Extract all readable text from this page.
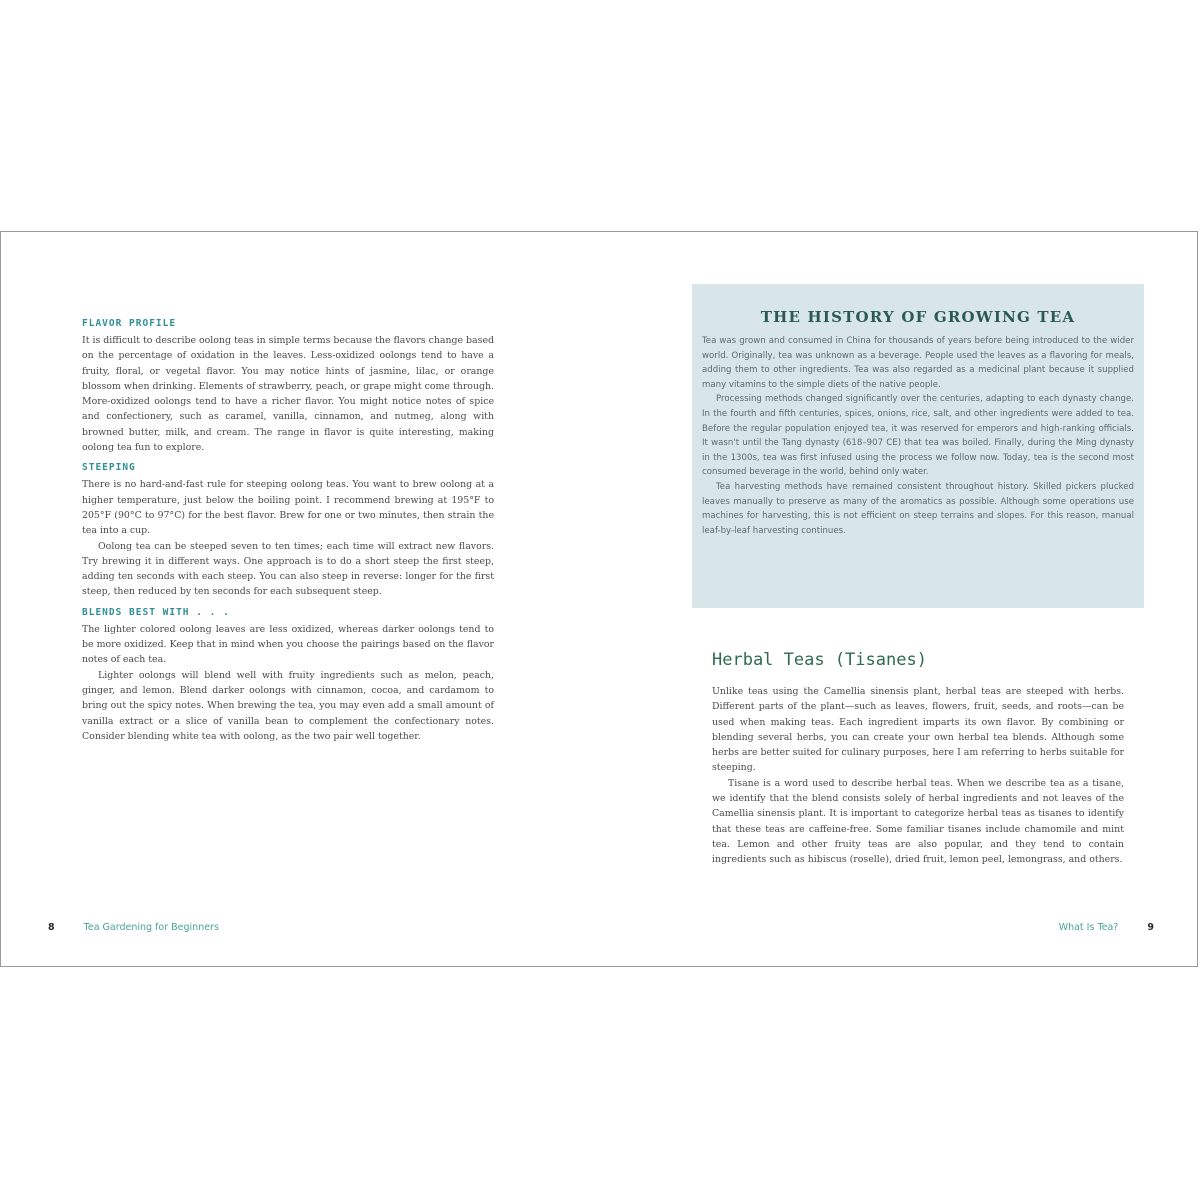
FLAVOR PROFILE

It is difficult to describe oolong teas in simple terms because the flavors change based on the percentage of oxidation in the leaves. Less-oxidized oolongs tend to have a fruity, floral, or vegetal flavor. You may notice hints of jasmine, lilac, or orange blossom when drinking. Elements of strawberry, peach, or grape might come through. More-oxidized oolongs tend to have a richer flavor. You might notice notes of spice and confectionery, such as caramel, vanilla, cinnamon, and nutmeg, along with browned butter, milk, and cream. The range in flavor is quite interesting, making oolong tea fun to explore.

STEEPING

There is no hard-and-fast rule for steeping oolong teas. You want to brew oolong at a higher temperature, just below the boiling point. I recommend brewing at 195°F to 205°F (90°C to 97°C) for the best flavor. Brew for one or two minutes, then strain the tea into a cup.

Oolong tea can be steeped seven to ten times; each time will extract new flavors. Try brewing it in different ways. One approach is to do a short steep the first steep, adding ten seconds with each steep. You can also steep in reverse: longer for the first steep, then reduced by ten seconds for each subsequent steep.

BLENDS BEST WITH . . .

The lighter colored oolong leaves are less oxidized, whereas darker oolongs tend to be more oxidized. Keep that in mind when you choose the pairings based on the flavor notes of each tea.

Lighter oolongs will blend well with fruity ingredients such as melon, peach, ginger, and lemon. Blend darker oolongs with cinnamon, cocoa, and cardamom to bring out the spicy notes. When brewing the tea, you may even add a small amount of vanilla extract or a slice of vanilla bean to complement the confectionary notes. Consider blending white tea with oolong, as the two pair well together.

THE HISTORY OF GROWING TEA

Tea was grown and consumed in China for thousands of years before being introduced to the wider world. Originally, tea was unknown as a beverage. People used the leaves as a flavoring for meals, adding them to other ingredients. Tea was also regarded as a medicinal plant because it supplied many vitamins to the simple diets of the native people.

Processing methods changed significantly over the centuries, adapting to each dynasty change. In the fourth and fifth centuries, spices, onions, rice, salt, and other ingredients were added to tea. Before the regular population enjoyed tea, it was reserved for emperors and high-ranking officials. It wasn't until the Tang dynasty (618–907 CE) that tea was boiled. Finally, during the Ming dynasty in the 1300s, tea was first infused using the process we follow now. Today, tea is the second most consumed beverage in the world, behind only water.

Tea harvesting methods have remained consistent throughout history. Skilled pickers plucked leaves manually to preserve as many of the aromatics as possible. Although some operations use machines for harvesting, this is not efficient on steep terrains and slopes. For this reason, manual leaf-by-leaf harvesting continues.

Herbal Teas (Tisanes)

Unlike teas using the Camellia sinensis plant, herbal teas are steeped with herbs. Different parts of the plant—such as leaves, flowers, fruit, seeds, and roots—can be used when making teas. Each ingredient imparts its own flavor. By combining or blending several herbs, you can create your own herbal tea blends. Although some herbs are better suited for culinary purposes, here I am referring to herbs suitable for steeping.

Tisane is a word used to describe herbal teas. When we describe tea as a tisane, we identify that the blend consists solely of herbal ingredients and not leaves of the Camellia sinensis plant. It is important to categorize herbal teas as tisanes to identify that these teas are caffeine-free. Some familiar tisanes include chamomile and mint tea. Lemon and other fruity teas are also popular, and they tend to contain ingredients such as hibiscus (roselle), dried fruit, lemon peel, lemongrass, and others.

8	Tea Gardening for Beginners	What Is Tea?	9
